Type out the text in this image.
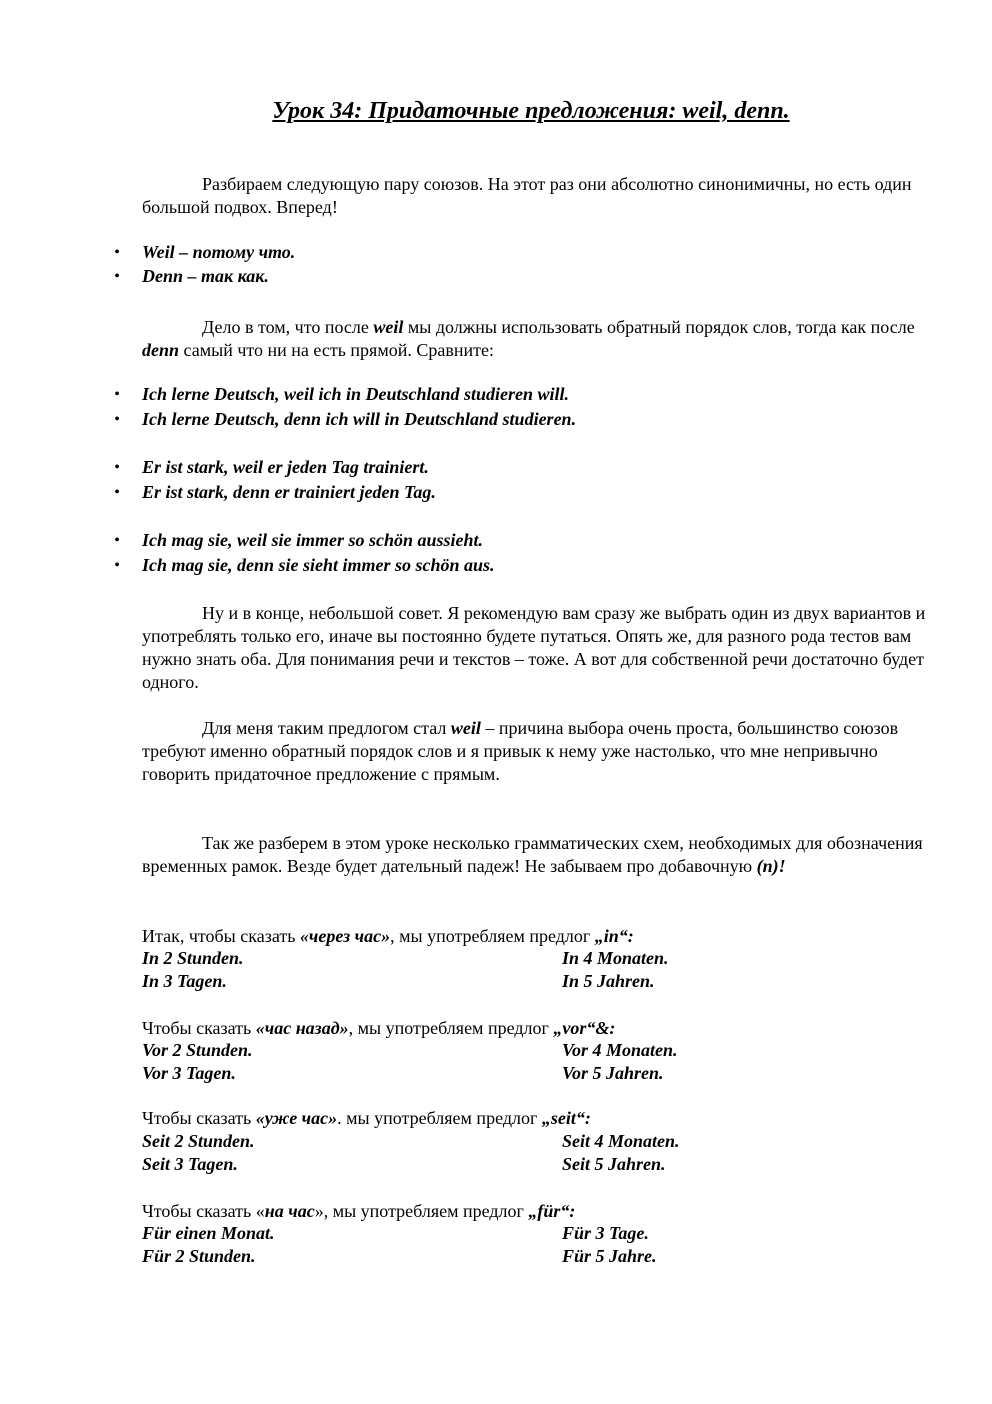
Урок 34: Придаточные предложения: weil, denn.

Разбираем следующую пару союзов. На этот раз они абсолютно синонимичны, но есть один большой подвох. Вперед!

• Weil – потому что.

• Denn – так как.

Дело в том, что после weil мы должны использовать обратный порядок слов, тогда как после denn самый что ни на есть прямой. Сравните:

• Ich lerne Deutsch, weil ich in Deutschland studieren will.

• Ich lerne Deutsch, denn ich will in Deutschland studieren.

• Er ist stark, weil er jeden Tag trainiert.

• Er ist stark, denn er trainiert jeden Tag.

• Ich mag sie, weil sie immer so schön aussieht.

• Ich mag sie, denn sie sieht immer so schön aus.

Ну и в конце, небольшой совет. Я рекомендую вам сразу же выбрать один из двух вариантов и употреблять только его, иначе вы постоянно будете путаться. Опять же, для разного рода тестов вам нужно знать оба. Для понимания речи и текстов – тоже. А вот для собственной речи достаточно будет одного.

Для меня таким предлогом стал weil – причина выбора очень проста, большинство союзов требуют именно обратный порядок слов и я привык к нему уже настолько, что мне непривычно говорить придаточное предложение с прямым.

Так же разберем в этом уроке несколько грамматических схем, необходимых для обозначения временных рамок. Везде будет дательный падеж! Не забываем про добавочную (n)!

Итак, чтобы сказать «через час», мы употребляем предлог „in“:

In 2 Stunden.	In 4 Monaten.

In 3 Tagen.	In 5 Jahren.

Чтобы сказать «час назад», мы употребляем предлог „vor“&:

Vor 2 Stunden.	Vor 4 Monaten.

Vor 3 Tagen.	Vor 5 Jahren.

Чтобы сказать «уже час». мы употребляем предлог „seit“:

Seit 2 Stunden.	Seit 4 Monaten.

Seit 3 Tagen.	Seit 5 Jahren.

Чтобы сказать «на час», мы употребляем предлог „für“:

Für einen Monat.	Für 3 Tage.

Für 2 Stunden.	Für 5 Jahre.
